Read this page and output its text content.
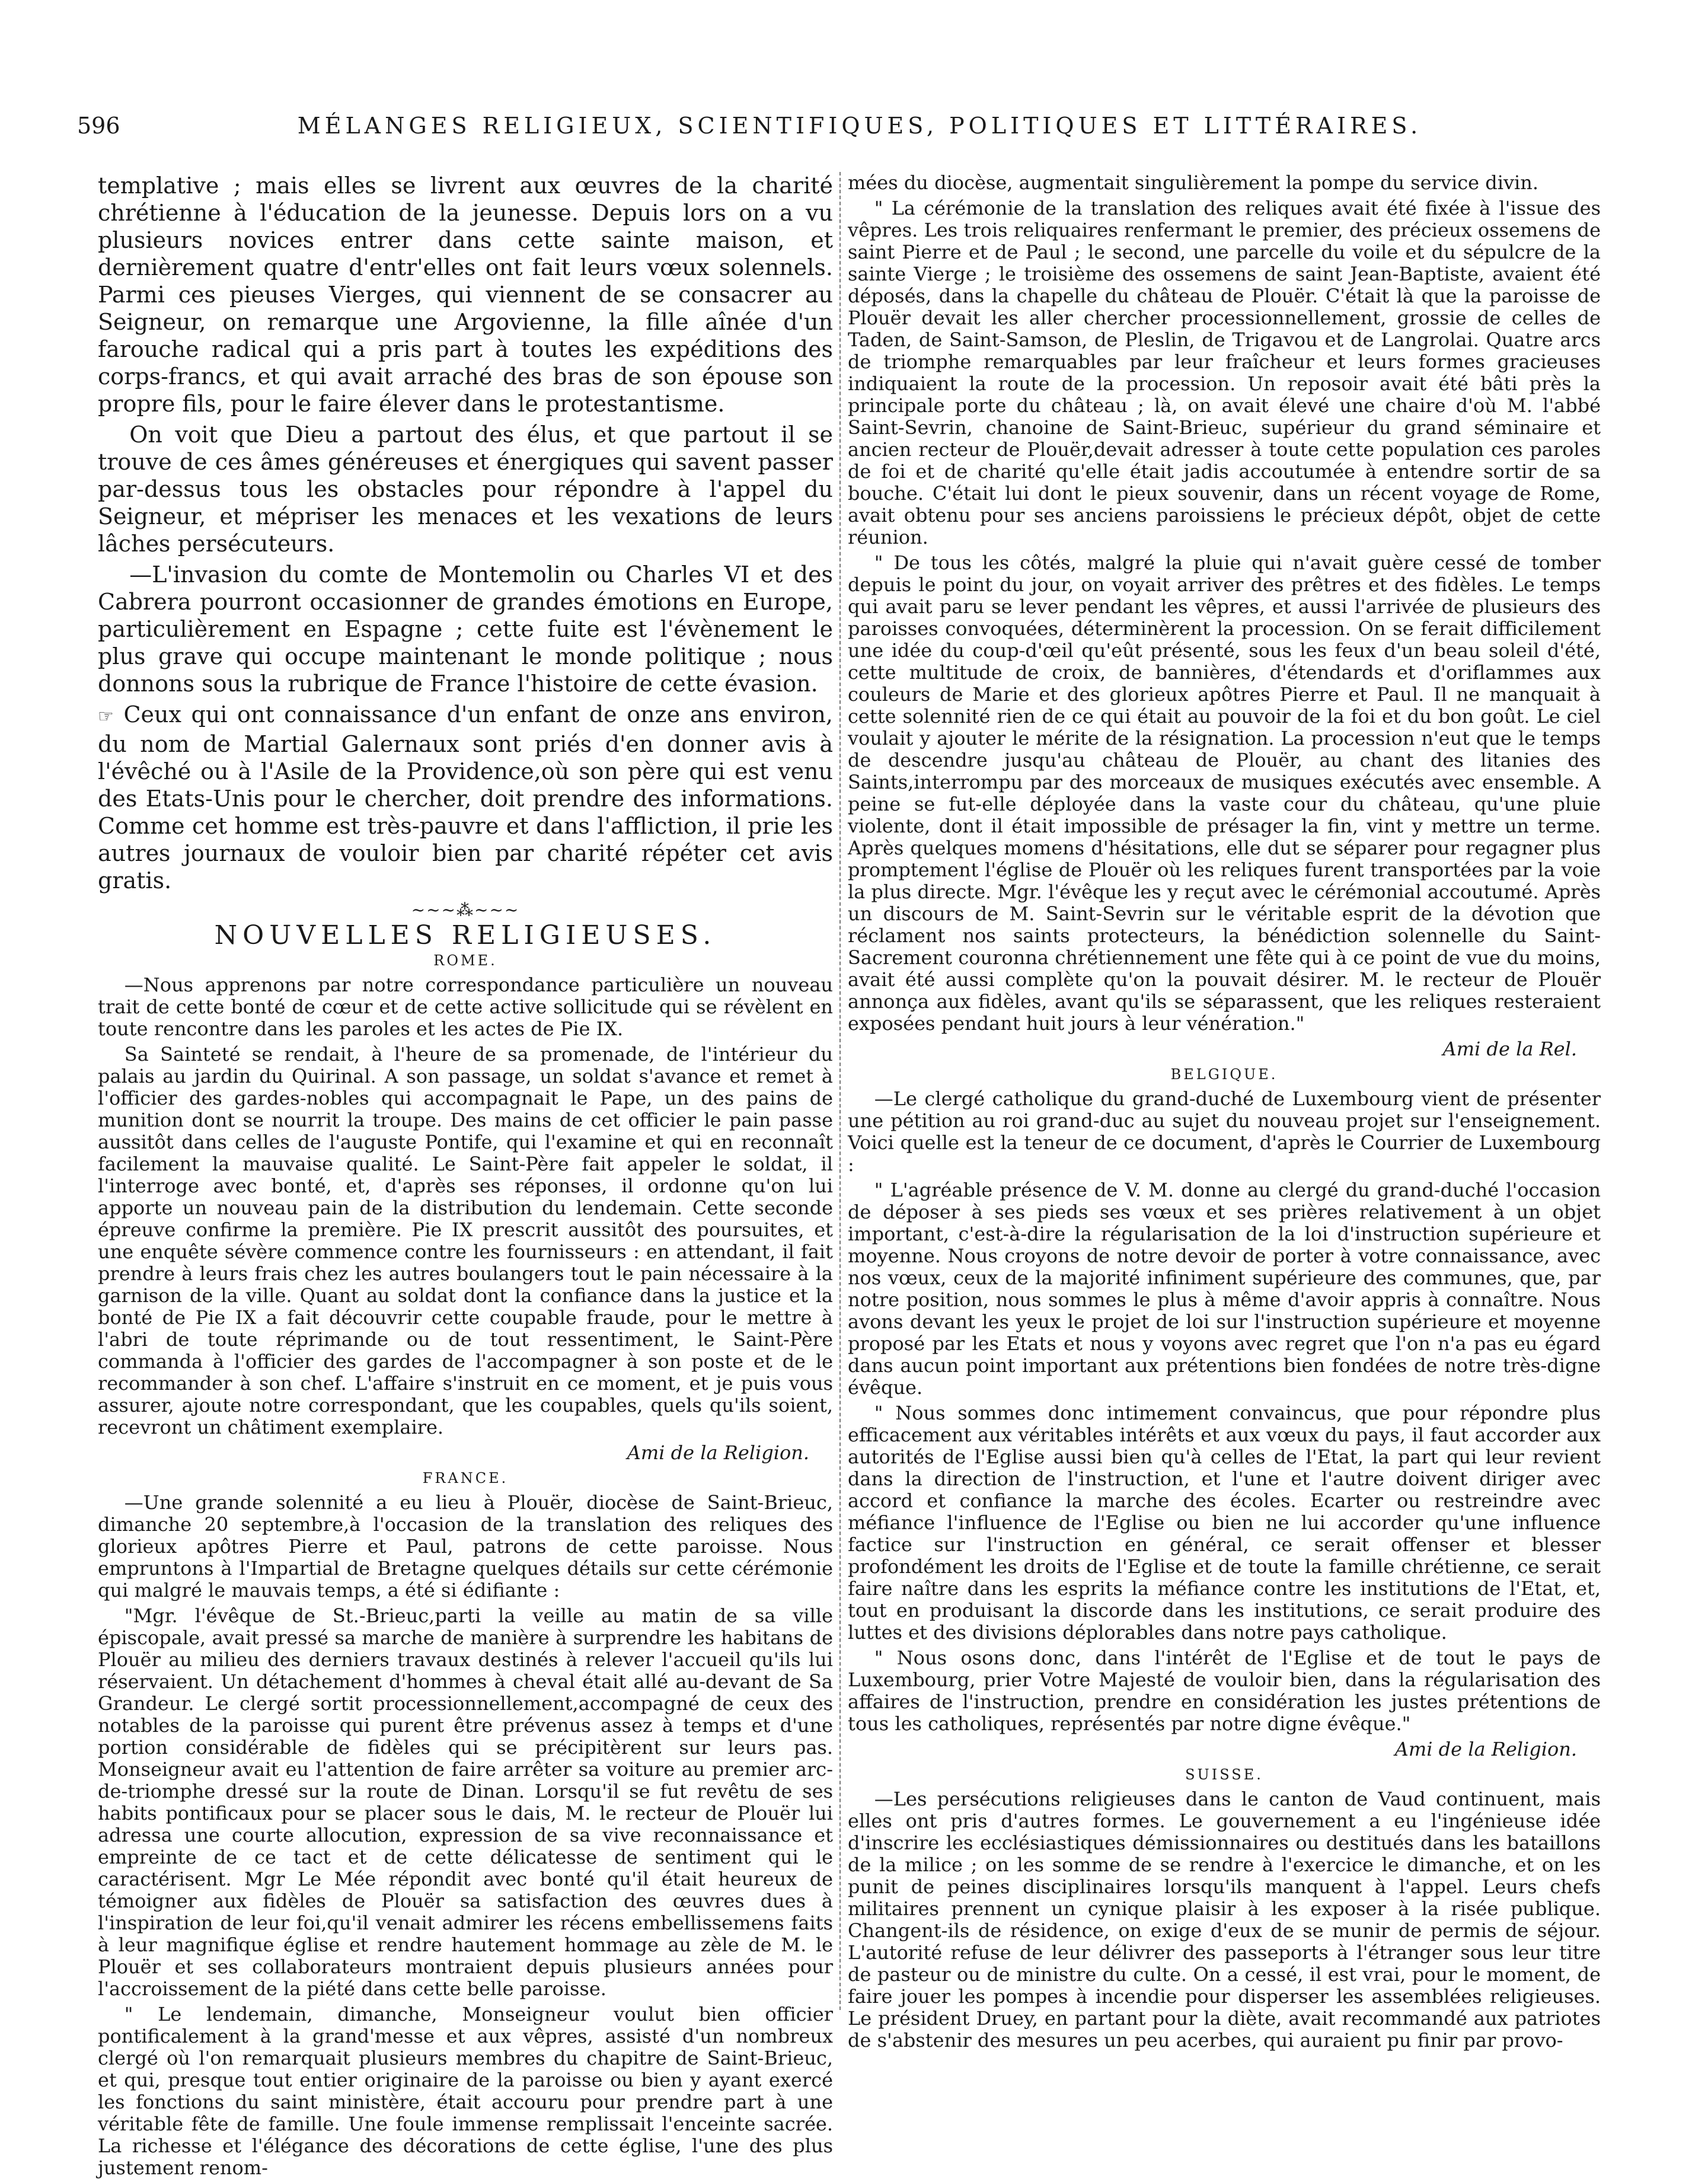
596	MÉLANGES RELIGIEUX, SCIENTIFIQUES, POLITIQUES ET LITTÉRAIRES.

templative ; mais elles se livrent aux œuvres de la charité chrétienne à l'éducation de la jeunesse. Depuis lors on a vu plusieurs novices entrer dans cette sainte maison, et dernièrement quatre d'entr'elles ont fait leurs vœux solennels. Parmi ces pieuses Vierges, qui viennent de se consacrer au Seigneur, on remarque une Argovienne, la fille aînée d'un farouche radical qui a pris part à toutes les expéditions des corps-francs, et qui avait arraché des bras de son épouse son propre fils, pour le faire élever dans le protestantisme.

On voit que Dieu a partout des élus, et que partout il se trouve de ces âmes généreuses et énergiques qui savent passer par-dessus tous les obstacles pour répondre à l'appel du Seigneur, et mépriser les menaces et les vexations de leurs lâches persécuteurs.

—L'invasion du comte de Montemolin ou Charles VI et des Cabrera pourront occasionner de grandes émotions en Europe, particulièrement en Espagne ; cette fuite est l'évènement le plus grave qui occupe maintenant le monde politique ; nous donnons sous la rubrique de France l'histoire de cette évasion.

☞ Ceux qui ont connaissance d'un enfant de onze ans environ, du nom de Martial Galernaux sont priés d'en donner avis à l'évêché ou à l'Asile de la Providence,où son père qui est venu des Etats-Unis pour le chercher, doit prendre des informations. Comme cet homme est très-pauvre et dans l'affliction, il prie les autres journaux de vouloir bien par charité répéter cet avis gratis.

~~~⁂~~~
NOUVELLES RELIGIEUSES.
ROME.

—Nous apprenons par notre correspondance particulière un nouveau trait de cette bonté de cœur et de cette active sollicitude qui se révèlent en toute rencontre dans les paroles et les actes de Pie IX.

Sa Sainteté se rendait, à l'heure de sa promenade, de l'intérieur du palais au jardin du Quirinal. A son passage, un soldat s'avance et remet à l'officier des gardes-nobles qui accompagnait le Pape, un des pains de munition dont se nourrit la troupe. Des mains de cet officier le pain passe aussitôt dans celles de l'auguste Pontife, qui l'examine et qui en reconnaît facilement la mauvaise qualité. Le Saint-Père fait appeler le soldat, il l'interroge avec bonté, et, d'après ses réponses, il ordonne qu'on lui apporte un nouveau pain de la distribution du lendemain. Cette seconde épreuve confirme la première. Pie IX prescrit aussitôt des poursuites, et une enquête sévère commence contre les fournisseurs : en attendant, il fait prendre à leurs frais chez les autres boulangers tout le pain nécessaire à la garnison de la ville. Quant au soldat dont la confiance dans la justice et la bonté de Pie IX a fait découvrir cette coupable fraude, pour le mettre à l'abri de toute réprimande ou de tout ressentiment, le Saint-Père commanda à l'officier des gardes de l'accompagner à son poste et de le recommander à son chef. L'affaire s'instruit en ce moment, et je puis vous assurer, ajoute notre correspondant, que les coupables, quels qu'ils soient, recevront un châtiment exemplaire.

Ami de la Religion.

FRANCE.

—Une grande solennité a eu lieu à Plouër, diocèse de Saint-Brieuc, dimanche 20 septembre,à l'occasion de la translation des reliques des glorieux apôtres Pierre et Paul, patrons de cette paroisse. Nous empruntons à l'Impartial de Bretagne quelques détails sur cette cérémonie qui malgré le mauvais temps, a été si édifiante :

"Mgr. l'évêque de St.-Brieuc,parti la veille au matin de sa ville épiscopale, avait pressé sa marche de manière à surprendre les habitans de Plouër au milieu des derniers travaux destinés à relever l'accueil qu'ils lui réservaient. Un détachement d'hommes à cheval était allé au-devant de Sa Grandeur. Le clergé sortit processionnellement,accompagné de ceux des notables de la paroisse qui purent être prévenus assez à temps et d'une portion considérable de fidèles qui se précipitèrent sur leurs pas. Monseigneur avait eu l'attention de faire arrêter sa voiture au premier arc-de-triomphe dressé sur la route de Dinan. Lorsqu'il se fut revêtu de ses habits pontificaux pour se placer sous le dais, M. le recteur de Plouër lui adressa une courte allocution, expression de sa vive reconnaissance et empreinte de ce tact et de cette délicatesse de sentiment qui le caractérisent. Mgr Le Mée répondit avec bonté qu'il était heureux de témoigner aux fidèles de Plouër sa satisfaction des œuvres dues à l'inspiration de leur foi,qu'il venait admirer les récens embellissemens faits à leur magnifique église et rendre hautement hommage au zèle de M. le Plouër et ses collaborateurs montraient depuis plusieurs années pour l'accroissement de la piété dans cette belle paroisse.

" Le lendemain, dimanche, Monseigneur voulut bien officier pontificalement à la grand'messe et aux vêpres, assisté d'un nombreux clergé où l'on remarquait plusieurs membres du chapitre de Saint-Brieuc, et qui, presque tout entier originaire de la paroisse ou bien y ayant exercé les fonctions du saint ministère, était accouru pour prendre part à une véritable fête de famille. Une foule immense remplissait l'enceinte sacrée. La richesse et l'élégance des décorations de cette église, l'une des plus justement renom-

mées du diocèse, augmentait singulièrement la pompe du service divin.

" La cérémonie de la translation des reliques avait été fixée à l'issue des vêpres. Les trois reliquaires renfermant le premier, des précieux ossemens de saint Pierre et de Paul ; le second, une parcelle du voile et du sépulcre de la sainte Vierge ; le troisième des ossemens de saint Jean-Baptiste, avaient été déposés, dans la chapelle du château de Plouër. C'était là que la paroisse de Plouër devait les aller chercher processionnellement, grossie de celles de Taden, de Saint-Samson, de Pleslin, de Trigavou et de Langrolai. Quatre arcs de triomphe remarquables par leur fraîcheur et leurs formes gracieuses indiquaient la route de la procession. Un reposoir avait été bâti près la principale porte du château ; là, on avait élevé une chaire d'où M. l'abbé Saint-Sevrin, chanoine de Saint-Brieuc, supérieur du grand séminaire et ancien recteur de Plouër,devait adresser à toute cette population ces paroles de foi et de charité qu'elle était jadis accoutumée à entendre sortir de sa bouche. C'était lui dont le pieux souvenir, dans un récent voyage de Rome, avait obtenu pour ses anciens paroissiens le précieux dépôt, objet de cette réunion.

" De tous les côtés, malgré la pluie qui n'avait guère cessé de tomber depuis le point du jour, on voyait arriver des prêtres et des fidèles. Le temps qui avait paru se lever pendant les vêpres, et aussi l'arrivée de plusieurs des paroisses convoquées, déterminèrent la procession. On se ferait difficilement une idée du coup-d'œil qu'eût présenté, sous les feux d'un beau soleil d'été, cette multitude de croix, de bannières, d'étendards et d'oriflammes aux couleurs de Marie et des glorieux apôtres Pierre et Paul. Il ne manquait à cette solennité rien de ce qui était au pouvoir de la foi et du bon goût. Le ciel voulait y ajouter le mérite de la résignation. La procession n'eut que le temps de descendre jusqu'au château de Plouër, au chant des litanies des Saints,interrompu par des morceaux de musiques exécutés avec ensemble. A peine se fut-elle déployée dans la vaste cour du château, qu'une pluie violente, dont il était impossible de présager la fin, vint y mettre un terme. Après quelques momens d'hésitations, elle dut se séparer pour regagner plus promptement l'église de Plouër où les reliques furent transportées par la voie la plus directe. Mgr. l'évêque les y reçut avec le cérémonial accoutumé. Après un discours de M. Saint-Sevrin sur le véritable esprit de la dévotion que réclament nos saints protecteurs, la bénédiction solennelle du Saint-Sacrement couronna chrétiennement une fête qui à ce point de vue du moins, avait été aussi complète qu'on la pouvait désirer. M. le recteur de Plouër annonça aux fidèles, avant qu'ils se séparassent, que les reliques resteraient exposées pendant huit jours à leur vénération."

Ami de la Rel.

BELGIQUE.

—Le clergé catholique du grand-duché de Luxembourg vient de présenter une pétition au roi grand-duc au sujet du nouveau projet sur l'enseignement. Voici quelle est la teneur de ce document, d'après le Courrier de Luxembourg :

" L'agréable présence de V. M. donne au clergé du grand-duché l'occasion de déposer à ses pieds ses vœux et ses prières relativement à un objet important, c'est-à-dire la régularisation de la loi d'instruction supérieure et moyenne. Nous croyons de notre devoir de porter à votre connaissance, avec nos vœux, ceux de la majorité infiniment supérieure des communes, que, par notre position, nous sommes le plus à même d'avoir appris à connaître. Nous avons devant les yeux le projet de loi sur l'instruction supérieure et moyenne proposé par les Etats et nous y voyons avec regret que l'on n'a pas eu égard dans aucun point important aux prétentions bien fondées de notre très-digne évêque.

" Nous sommes donc intimement convaincus, que pour répondre plus efficacement aux véritables intérêts et aux vœux du pays, il faut accorder aux autorités de l'Eglise aussi bien qu'à celles de l'Etat, la part qui leur revient dans la direction de l'instruction, et l'une et l'autre doivent diriger avec accord et confiance la marche des écoles. Ecarter ou restreindre avec méfiance l'influence de l'Eglise ou bien ne lui accorder qu'une influence factice sur l'instruction en général, ce serait offenser et blesser profondément les droits de l'Eglise et de toute la famille chrétienne, ce serait faire naître dans les esprits la méfiance contre les institutions de l'Etat, et, tout en produisant la discorde dans les institutions, ce serait produire des luttes et des divisions déplorables dans notre pays catholique.

" Nous osons donc, dans l'intérêt de l'Eglise et de tout le pays de Luxembourg, prier Votre Majesté de vouloir bien, dans la régularisation des affaires de l'instruction, prendre en considération les justes prétentions de tous les catholiques, représentés par notre digne évêque."

Ami de la Religion.

SUISSE.

—Les persécutions religieuses dans le canton de Vaud continuent, mais elles ont pris d'autres formes. Le gouvernement a eu l'ingénieuse idée d'inscrire les ecclésiastiques démissionnaires ou destitués dans les bataillons de la milice ; on les somme de se rendre à l'exercice le dimanche, et on les punit de peines disciplinaires lorsqu'ils manquent à l'appel. Leurs chefs militaires prennent un cynique plaisir à les exposer à la risée publique. Changent-ils de résidence, on exige d'eux de se munir de permis de séjour. L'autorité refuse de leur délivrer des passeports à l'étranger sous leur titre de pasteur ou de ministre du culte. On a cessé, il est vrai, pour le moment, de faire jouer les pompes à incendie pour disperser les assemblées religieuses. Le président Druey, en partant pour la diète, avait recommandé aux patriotes de s'abstenir des mesures un peu acerbes, qui auraient pu finir par provo-
